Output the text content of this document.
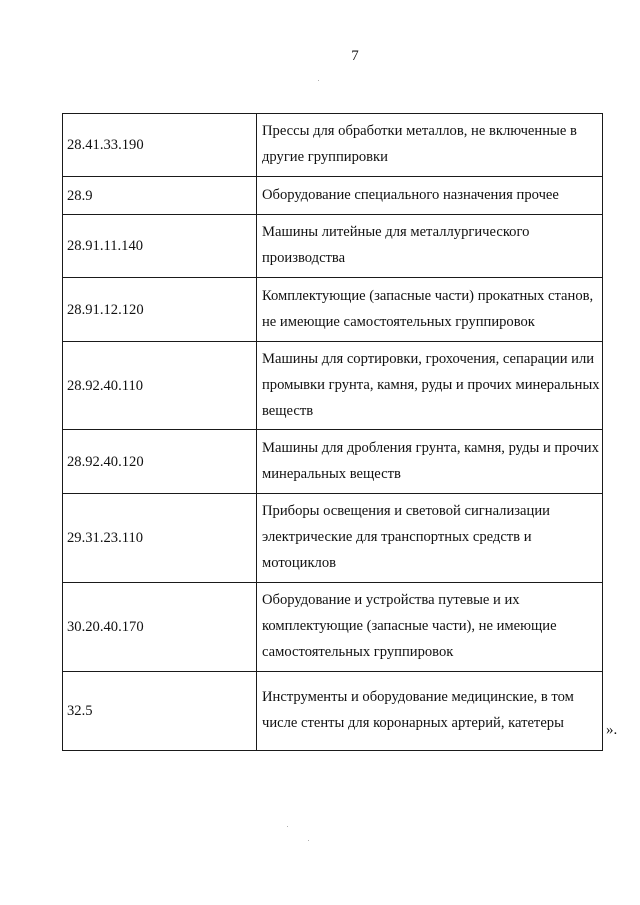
7
28.41.33.190	Прессы для обработки металлов, не включенные в другие группировки
28.9	Оборудование специального назначения прочее
28.91.11.140	Машины литейные для металлургического производства
28.91.12.120	Комплектующие (запасные части) прокатных станов, не имеющие самостоятельных группировок
28.92.40.110	Машины для сортировки, грохочения, сепарации или промывки грунта, камня, руды и прочих минеральных веществ
28.92.40.120	Машины для дробления грунта, камня, руды и прочих минеральных веществ
29.31.23.110	Приборы освещения и световой сигнализации электрические для транспортных средств и мотоциклов
30.20.40.170	Оборудование и устройства путевые и их комплектующие (запасные части), не имеющие самостоятельных группировок
32.5	Инструменты и оборудование медицинские, в том числе стенты для коронарных артерий, катетеры	».
